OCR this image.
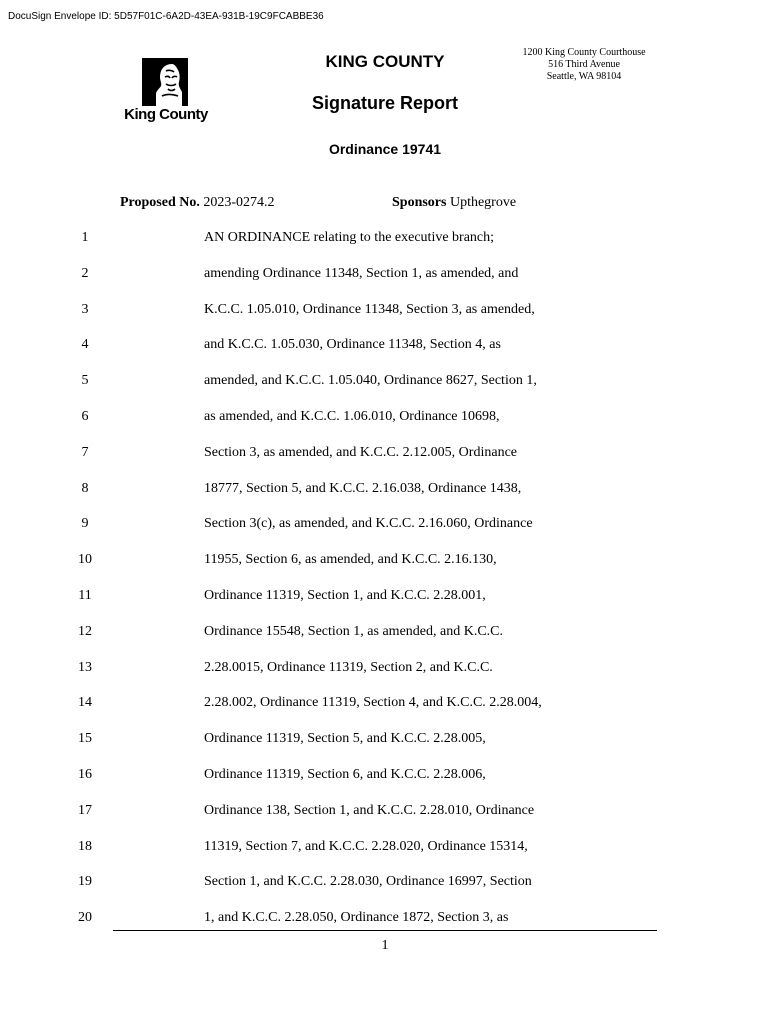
DocuSign Envelope ID: 5D57F01C-6A2D-43EA-931B-19C9FCABBE36
King County
KING COUNTY	1200 King County Courthouse
516 Third Avenue
Seattle, WA 98104
Signature Report
Ordinance 19741
Proposed No. 2023-0274.2	Sponsors Upthegrove
1	AN ORDINANCE relating to the executive branch;
2	amending Ordinance 11348, Section 1, as amended, and
3	K.C.C. 1.05.010, Ordinance 11348, Section 3, as amended,
4	and K.C.C. 1.05.030, Ordinance 11348, Section 4, as
5	amended, and K.C.C. 1.05.040, Ordinance 8627, Section 1,
6	as amended, and K.C.C. 1.06.010, Ordinance 10698,
7	Section 3, as amended, and K.C.C. 2.12.005, Ordinance
8	18777, Section 5, and K.C.C. 2.16.038, Ordinance 1438,
9	Section 3(c), as amended, and K.C.C. 2.16.060, Ordinance
10	11955, Section 6, as amended, and K.C.C. 2.16.130,
11	Ordinance 11319, Section 1, and K.C.C. 2.28.001,
12	Ordinance 15548, Section 1, as amended, and K.C.C.
13	2.28.0015, Ordinance 11319, Section 2, and K.C.C.
14	2.28.002, Ordinance 11319, Section 4, and K.C.C. 2.28.004,
15	Ordinance 11319, Section 5, and K.C.C. 2.28.005,
16	Ordinance 11319, Section 6, and K.C.C. 2.28.006,
17	Ordinance 138, Section 1, and K.C.C. 2.28.010, Ordinance
18	11319, Section 7, and K.C.C. 2.28.020, Ordinance 15314,
19	Section 1, and K.C.C. 2.28.030, Ordinance 16997, Section
20	1, and K.C.C. 2.28.050, Ordinance 1872, Section 3, as
1
